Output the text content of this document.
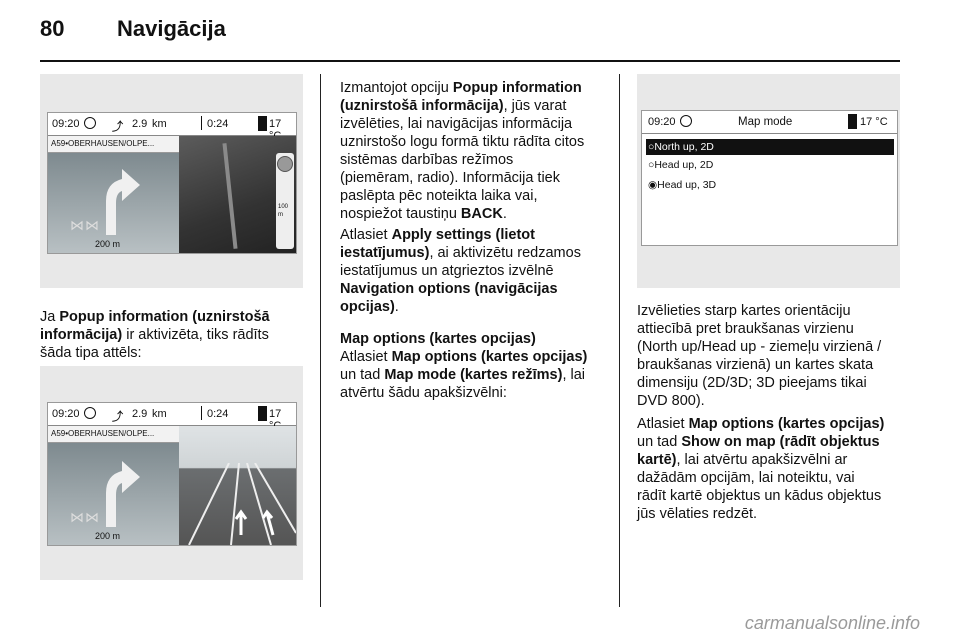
80 Navigācija
09:20	⤴ 2.9 km	0:24	17
A59•OBERHAUSEN/OLPE...
⋈⋈
200 m
100 m
Ja Popup information (uznirstošā
informācija) ir aktivizēta, tiks rādīts
šāda tipa attēls:
09:20	⤴ 2.9 km	0:24	17
A59•OBERHAUSEN/OLPE...
⋈⋈
200 m
Izmantojot opciju Popup information
(uznirstošā informācija), jūs varat
izvēlēties, lai navigācijas informācija
uznirstošo logu formā tiktu rādīta citos
sistēmas darbības režīmos
(piemēram, radio). Informācija tiek
paslēpta pēc noteikta laika vai,
nospiežot taustiņu BACK.
Atlasiet Apply settings (lietot
iestatījumus), ai aktivizētu redzamos
iestatījumus un atgrieztos izvēlnē
Navigation options (navigācijas
opcijas).
Map options (kartes opcijas)
Atlasiet Map options (kartes opcijas)
un tad Map mode (kartes režīms), lai
atvērtu šādu apakšizvēlni:
09:20	Map mode	17 °C
○North up, 2D
○Head up, 2D
◉Head up, 3D
Izvēlieties starp kartes orientāciju
attiecībā pret braukšanas virzienu
(North up/Head up - ziemeļu virzienā /
braukšanas virzienā) un kartes skata
dimensiju (2D/3D; 3D pieejams tikai
DVD 800).
Atlasiet Map options (kartes opcijas)
un tad Show on map (rādīt objektus
kartē), lai atvērtu apakšizvēlni ar
dažādām opcijām, lai noteiktu, vai
rādīt kartē objektus un kādus objektus
jūs vēlaties redzēt.
carmanualsonline.info
